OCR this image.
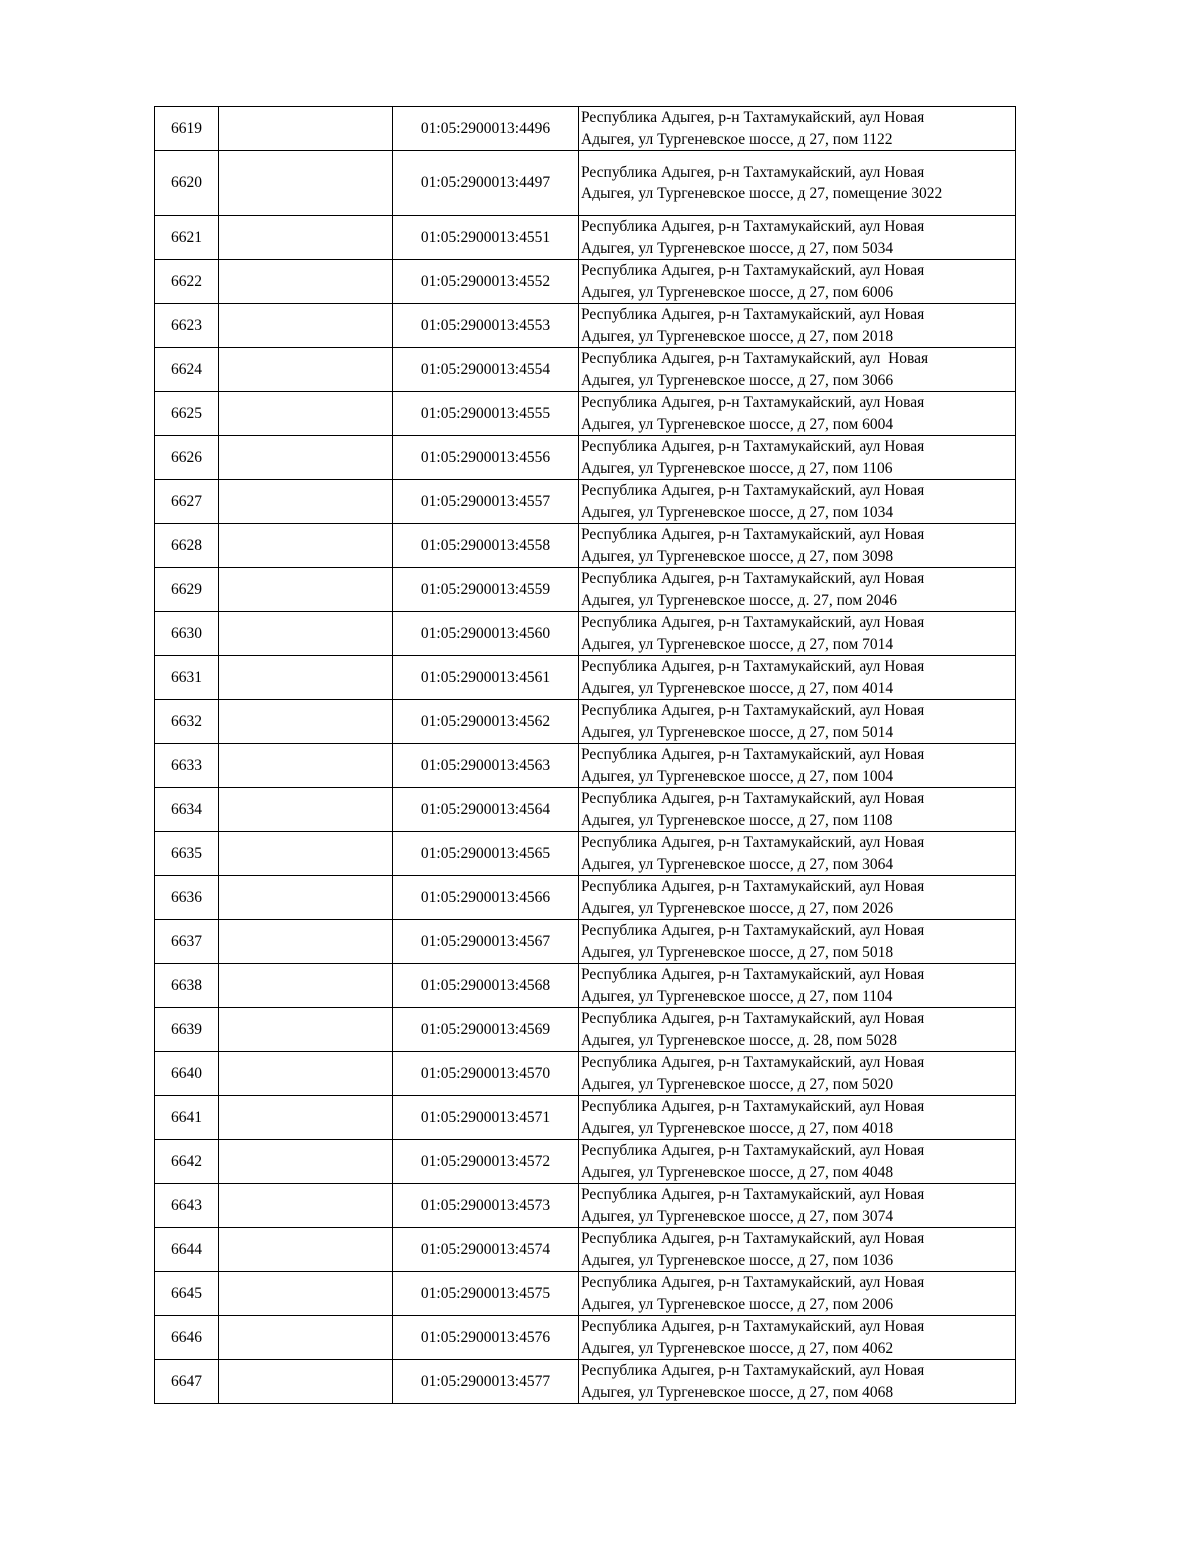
6619		01:05:2900013:4496	Республика Адыгея, р-н Тахтамукайский, аул Новая
Адыгея, ул Тургеневское шоссе, д 27, пом 1122

6620		01:05:2900013:4497	Республика Адыгея, р-н Тахтамукайский, аул Новая
Адыгея, ул Тургеневское шоссе, д 27, помещение 3022

6621		01:05:2900013:4551	Республика Адыгея, р-н Тахтамукайский, аул Новая
Адыгея, ул Тургеневское шоссе, д 27, пом 5034

6622		01:05:2900013:4552	Республика Адыгея, р-н Тахтамукайский, аул Новая
Адыгея, ул Тургеневское шоссе, д 27, пом 6006

6623		01:05:2900013:4553	Республика Адыгея, р-н Тахтамукайский, аул Новая
Адыгея, ул Тургеневское шоссе, д 27, пом 2018

6624		01:05:2900013:4554	Республика Адыгея, р-н Тахтамукайский, аул  Новая
Адыгея, ул Тургеневское шоссе, д 27, пом 3066

6625		01:05:2900013:4555	Республика Адыгея, р-н Тахтамукайский, аул Новая
Адыгея, ул Тургеневское шоссе, д 27, пом 6004

6626		01:05:2900013:4556	Республика Адыгея, р-н Тахтамукайский, аул Новая
Адыгея, ул Тургеневское шоссе, д 27, пом 1106

6627		01:05:2900013:4557	Республика Адыгея, р-н Тахтамукайский, аул Новая
Адыгея, ул Тургеневское шоссе, д 27, пом 1034

6628		01:05:2900013:4558	Республика Адыгея, р-н Тахтамукайский, аул Новая
Адыгея, ул Тургеневское шоссе, д 27, пом 3098

6629		01:05:2900013:4559	Республика Адыгея, р-н Тахтамукайский, аул Новая
Адыгея, ул Тургеневское шоссе, д. 27, пом 2046

6630		01:05:2900013:4560	Республика Адыгея, р-н Тахтамукайский, аул Новая
Адыгея, ул Тургеневское шоссе, д 27, пом 7014

6631		01:05:2900013:4561	Республика Адыгея, р-н Тахтамукайский, аул Новая
Адыгея, ул Тургеневское шоссе, д 27, пом 4014

6632		01:05:2900013:4562	Республика Адыгея, р-н Тахтамукайский, аул Новая
Адыгея, ул Тургеневское шоссе, д 27, пом 5014

6633		01:05:2900013:4563	Республика Адыгея, р-н Тахтамукайский, аул Новая
Адыгея, ул Тургеневское шоссе, д 27, пом 1004

6634		01:05:2900013:4564	Республика Адыгея, р-н Тахтамукайский, аул Новая
Адыгея, ул Тургеневское шоссе, д 27, пом 1108

6635		01:05:2900013:4565	Республика Адыгея, р-н Тахтамукайский, аул Новая
Адыгея, ул Тургеневское шоссе, д 27, пом 3064

6636		01:05:2900013:4566	Республика Адыгея, р-н Тахтамукайский, аул Новая
Адыгея, ул Тургеневское шоссе, д 27, пом 2026

6637		01:05:2900013:4567	Республика Адыгея, р-н Тахтамукайский, аул Новая
Адыгея, ул Тургеневское шоссе, д 27, пом 5018

6638		01:05:2900013:4568	Республика Адыгея, р-н Тахтамукайский, аул Новая
Адыгея, ул Тургеневское шоссе, д 27, пом 1104

6639		01:05:2900013:4569	Республика Адыгея, р-н Тахтамукайский, аул Новая
Адыгея, ул Тургеневское шоссе, д. 28, пом 5028

6640		01:05:2900013:4570	Республика Адыгея, р-н Тахтамукайский, аул Новая
Адыгея, ул Тургеневское шоссе, д 27, пом 5020

6641		01:05:2900013:4571	Республика Адыгея, р-н Тахтамукайский, аул Новая
Адыгея, ул Тургеневское шоссе, д 27, пом 4018

6642		01:05:2900013:4572	Республика Адыгея, р-н Тахтамукайский, аул Новая
Адыгея, ул Тургеневское шоссе, д 27, пом 4048

6643		01:05:2900013:4573	Республика Адыгея, р-н Тахтамукайский, аул Новая
Адыгея, ул Тургеневское шоссе, д 27, пом 3074

6644		01:05:2900013:4574	Республика Адыгея, р-н Тахтамукайский, аул Новая
Адыгея, ул Тургеневское шоссе, д 27, пом 1036

6645		01:05:2900013:4575	Республика Адыгея, р-н Тахтамукайский, аул Новая
Адыгея, ул Тургеневское шоссе, д 27, пом 2006

6646		01:05:2900013:4576	Республика Адыгея, р-н Тахтамукайский, аул Новая
Адыгея, ул Тургеневское шоссе, д 27, пом 4062

6647		01:05:2900013:4577	Республика Адыгея, р-н Тахтамукайский, аул Новая
Адыгея, ул Тургеневское шоссе, д 27, пом 4068
